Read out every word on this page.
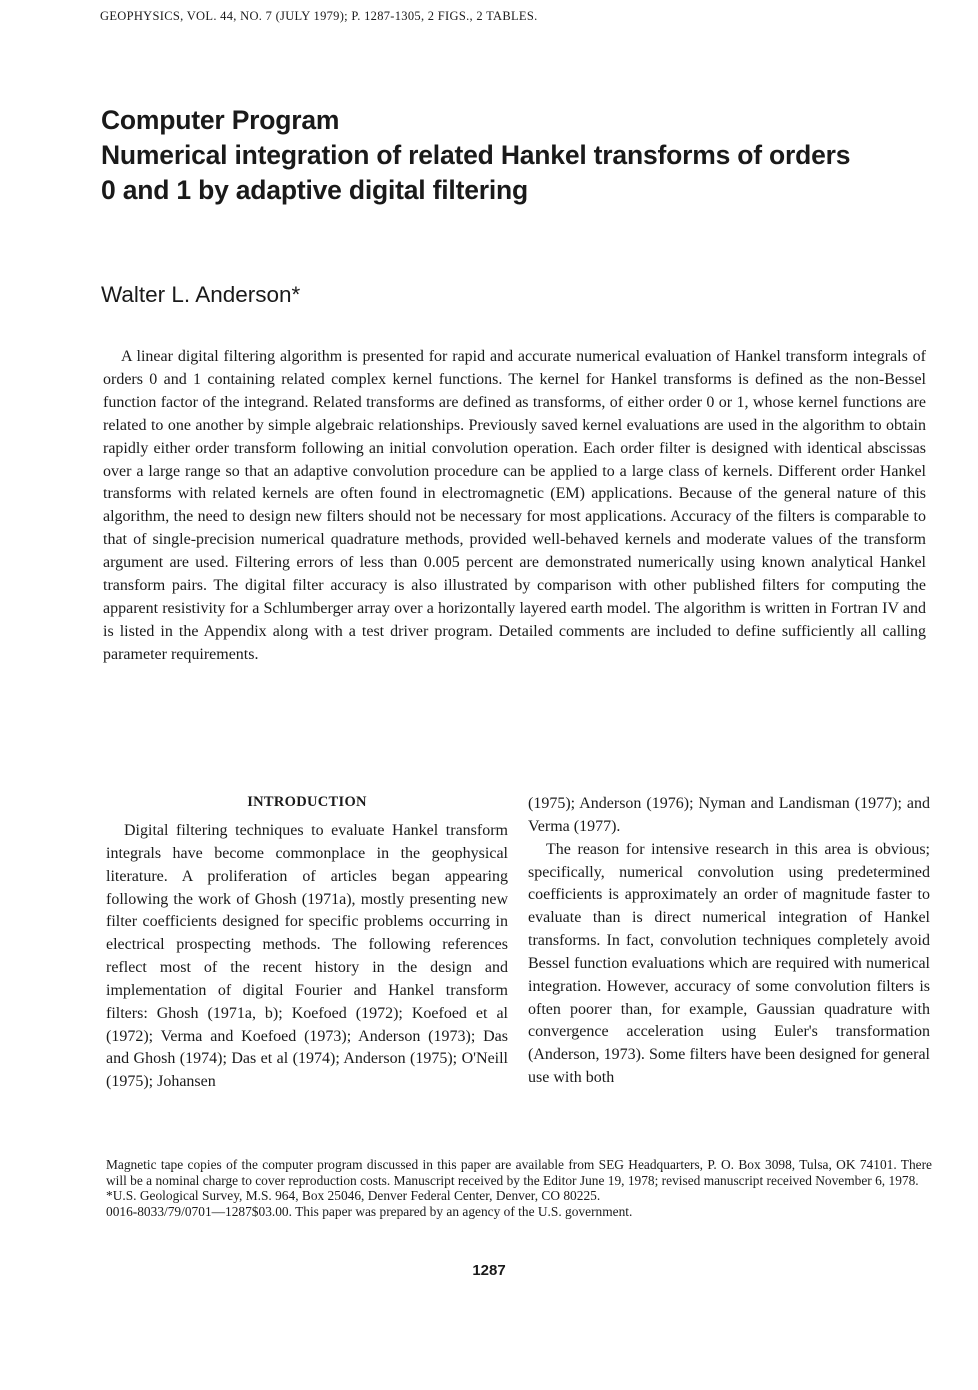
GEOPHYSICS, VOL. 44, NO. 7 (JULY 1979); P. 1287-1305, 2 FIGS., 2 TABLES.
Computer Program
Numerical integration of related Hankel transforms of orders
0 and 1 by adaptive digital filtering
Walter L. Anderson*

A linear digital filtering algorithm is presented for rapid and accurate numerical evaluation of Hankel transform integrals of orders 0 and 1 containing related complex kernel functions. The kernel for Hankel transforms is defined as the non-Bessel function factor of the integrand. Related transforms are defined as transforms, of either order 0 or 1, whose kernel functions are related to one another by simple algebraic relationships. Previously saved kernel evaluations are used in the algorithm to obtain rapidly either order transform following an initial convolution operation. Each order filter is designed with identical abscissas over a large range so that an adaptive convolution procedure can be applied to a large class of kernels. Different order Hankel transforms with related kernels are often found in electromagnetic (EM) applications. Because of the general nature of this algorithm, the need to design new filters should not be necessary for most applications. Accuracy of the filters is comparable to that of single-precision numerical quadrature methods, provided well-behaved kernels and moderate values of the transform argument are used. Filtering errors of less than 0.005 percent are demonstrated numerically using known analytical Hankel transform pairs. The digital filter accuracy is also illustrated by comparison with other published filters for computing the apparent resistivity for a Schlumberger array over a horizontally layered earth model. The algorithm is written in Fortran IV and is listed in the Appendix along with a test driver program. Detailed comments are included to define sufficiently all calling parameter requirements.

INTRODUCTION

Digital filtering techniques to evaluate Hankel transform integrals have become commonplace in the geophysical literature. A proliferation of articles began appearing following the work of Ghosh (1971a), mostly presenting new filter coefficients designed for specific problems occurring in electrical prospecting methods. The following references reflect most of the recent history in the design and implementation of digital Fourier and Hankel transform filters: Ghosh (1971a, b); Koefoed (1972); Koefoed et al (1972); Verma and Koefoed (1973); Anderson (1973); Das and Ghosh (1974); Das et al (1974); Anderson (1975); O'Neill (1975); Johansen

(1975); Anderson (1976); Nyman and Landisman (1977); and Verma (1977).

The reason for intensive research in this area is obvious; specifically, numerical convolution using predetermined coefficients is approximately an order of magnitude faster to evaluate than is direct numerical integration of Hankel transforms. In fact, convolution techniques completely avoid Bessel function evaluations which are required with numerical integration. However, accuracy of some convolution filters is often poorer than, for example, Gaussian quadrature with convergence acceleration using Euler's transformation (Anderson, 1973). Some filters have been designed for general use with both

Magnetic tape copies of the computer program discussed in this paper are available from SEG Headquarters, P. O. Box 3098, Tulsa, OK 74101. There will be a nominal charge to cover reproduction costs. Manuscript received by the Editor June 19, 1978; revised manuscript received November 6, 1978.

*U.S. Geological Survey, M.S. 964, Box 25046, Denver Federal Center, Denver, CO 80225.

0016-8033/79/0701—1287$03.00. This paper was prepared by an agency of the U.S. government.

1287
